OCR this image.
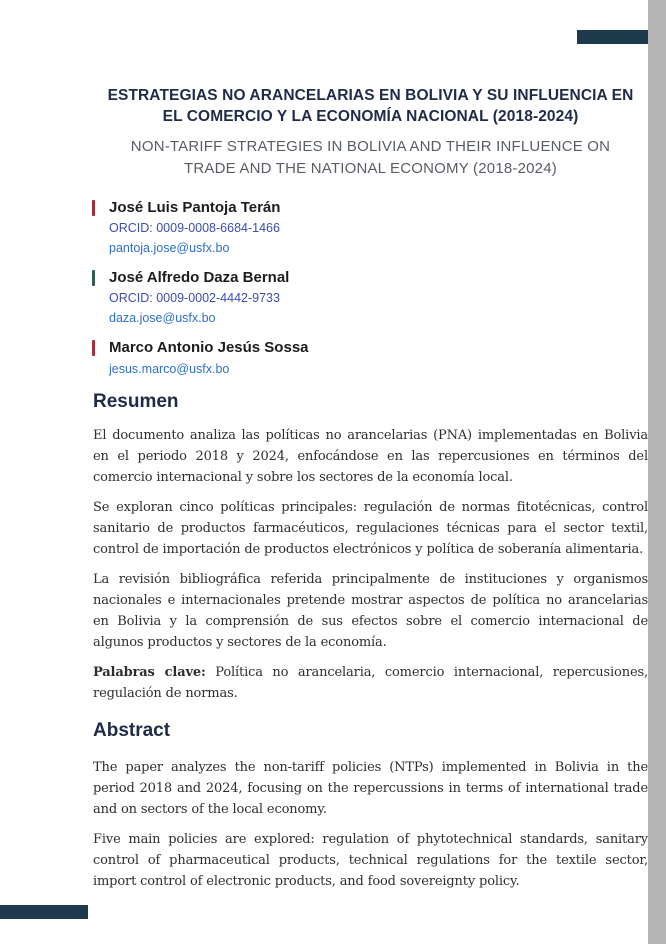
ESTRATEGIAS NO ARANCELARIAS EN BOLIVIA Y SU INFLUENCIA EN EL COMERCIO Y LA ECONOMÍA NACIONAL (2018-2024)
NON-TARIFF STRATEGIES IN BOLIVIA AND THEIR INFLUENCE ON TRADE AND THE NATIONAL ECONOMY (2018-2024)
José Luis Pantoja Terán
ORCID: 0009-0008-6684-1466
pantoja.jose@usfx.bo
José Alfredo Daza Bernal
ORCID: 0009-0002-4442-9733
daza.jose@usfx.bo
Marco Antonio Jesús Sossa
jesus.marco@usfx.bo
Resumen

El documento analiza las políticas no arancelarias (PNA) implementadas en Bolivia en el periodo 2018 y 2024, enfocándose en las repercusiones en términos del comercio internacional y sobre los sectores de la economía local.

Se exploran cinco políticas principales: regulación de normas fitotécnicas, control sanitario de productos farmacéuticos, regulaciones técnicas para el sector textil, control de importación de productos electrónicos y política de soberanía alimentaria.

La revisión bibliográfica referida principalmente de instituciones y organismos nacionales e internacionales pretende mostrar aspectos de política no arancelarias en Bolivia y la comprensión de sus efectos sobre el comercio internacional de algunos productos y sectores de la economía.

Palabras clave: Política no arancelaria, comercio internacional, repercusiones, regulación de normas.

Abstract

The paper analyzes the non-tariff policies (NTPs) implemented in Bolivia in the period 2018 and 2024, focusing on the repercussions in terms of international trade and on sectors of the local economy.

Five main policies are explored: regulation of phytotechnical standards, sanitary control of pharmaceutical products, technical regulations for the textile sector, import control of electronic products, and food sovereignty policy.
